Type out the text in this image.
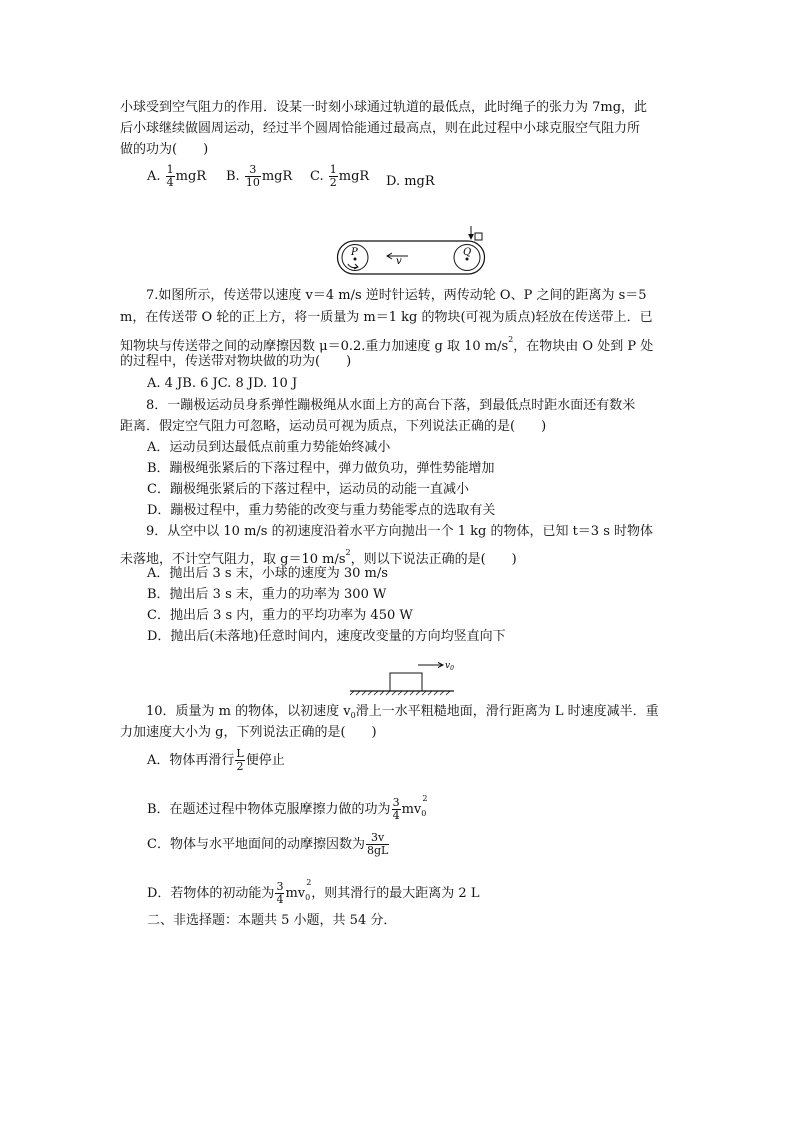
小球受到空气阻力的作用．设某一时刻小球通过轨道的最低点，此时绳子的张力为 7mg，此
后小球继续做圆周运动，经过半个圆周恰能通过最高点，则在此过程中小球克服空气阻力所
做的功为(　　)
A. $\frac{1}{4}$ mgR B. $\frac{3}{10}$ mgR C. $\frac{1}{2}$ mgR D. mgR
P	Q
v
7.如图所示，传送带以速度 v＝4 m/s 逆时针运转，两传动轮 O、P 之间的距离为 s＝5
m，在传送带 O 轮的正上方，将一质量为 m＝1 kg 的物块(可视为质点)轻放在传送带上．已
知物块与传送带之间的动摩擦因数 μ＝0.2.重力加速度 g 取 10 $m/s^2$，在物块由 O 处到 P 处
的过程中，传送带对物块做的功为(　　)
A. 4 JB. 6 JC. 8 JD. 10 J
8．一蹦极运动员身系弹性蹦极绳从水面上方的高台下落，到最低点时距水面还有数米
距离．假定空气阻力可忽略，运动员可视为质点，下列说法正确的是(　　)
A．运动员到达最低点前重力势能始终减小
B．蹦极绳张紧后的下落过程中，弹力做负功，弹性势能增加
C．蹦极绳张紧后的下落过程中，运动员的动能一直减小
D．蹦极过程中，重力势能的改变与重力势能零点的选取有关
9．从空中以 10 m/s 的初速度沿着水平方向抛出一个 1 kg 的物体，已知 t＝3 s 时物体
未落地，不计空气阻力，取 g＝10 $m/s^2$，则以下说法正确的是(　　)
A．抛出后 3 s 末，小球的速度为 30 m/s
B．抛出后 3 s 末，重力的功率为 300 W
C．抛出后 3 s 内，重力的平均功率为 450 W
D．抛出后(未落地)任意时间内，速度改变量的方向均竖直向下
$v_0$
10．质量为 m 的物体，以初速度 $v_0$滑上一水平粗糙地面，滑行距离为 L 时速度减半．重
力加速度大小为 g，下列说法正确的是(　　)
A．物体再滑行 $\frac{L}{2}$ 便停止
B．在题述过程中物体克服摩擦力做的功为 $\frac{3}{4} mv_0^2$
C．物体与水平地面间的动摩擦因数为 $\frac{3v}{8gL}$
D．若物体的初动能为 $\frac{3}{4} mv_0^2$，则其滑行的最大距离为 2 L
二、非选择题：本题共 5 小题，共 54 分．
